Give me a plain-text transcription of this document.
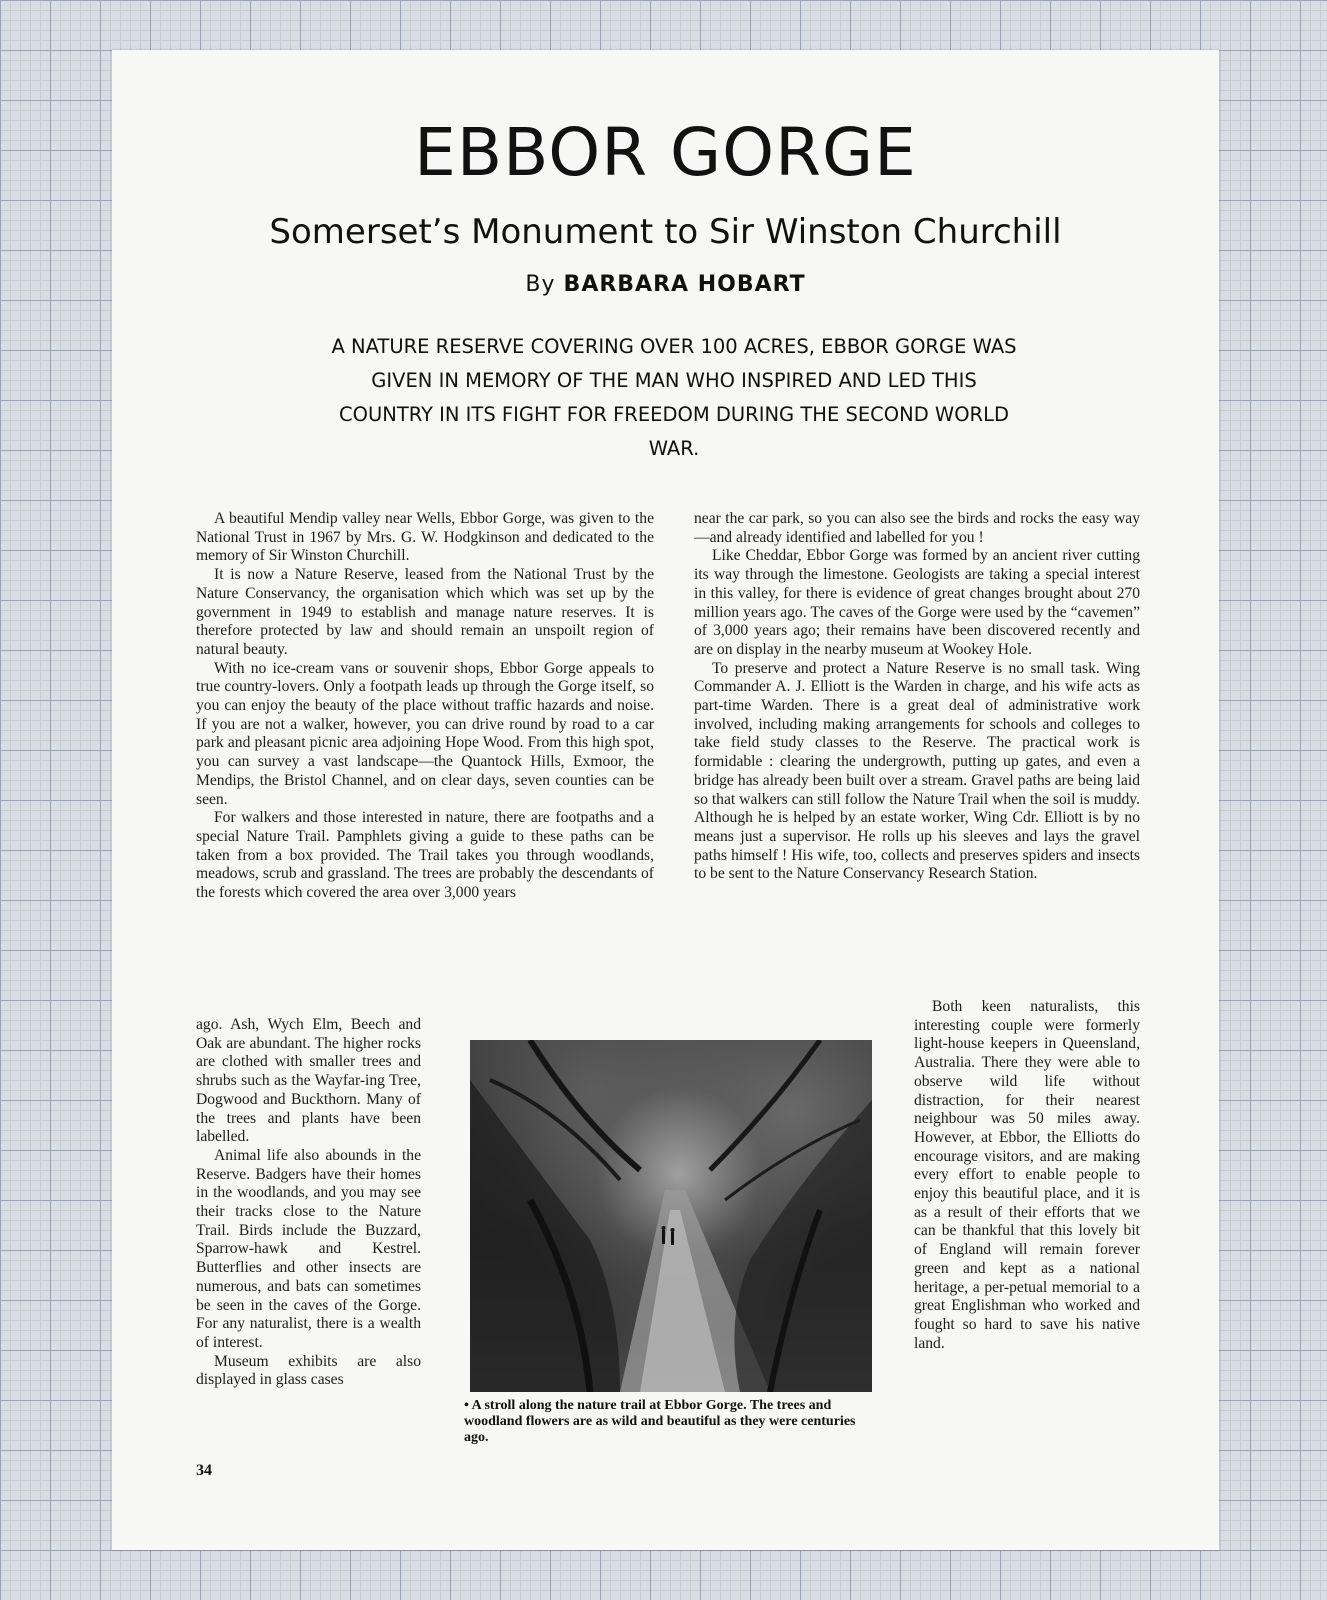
EBBOR GORGE
Somerset’s Monument to Sir Winston Churchill
By BARBARA HOBART

A NATURE RESERVE COVERING OVER 100 ACRES, EBBOR GORGE WAS GIVEN IN MEMORY OF THE MAN WHO INSPIRED AND LED THIS COUNTRY IN ITS FIGHT FOR FREEDOM DURING THE SECOND WORLD WAR.

A beautiful Mendip valley near Wells, Ebbor Gorge, was given to the National Trust in 1967 by Mrs. G. W. Hodgkinson and dedicated to the memory of Sir Winston Churchill.

It is now a Nature Reserve, leased from the National Trust by the Nature Conservancy, the organisation which which was set up by the government in 1949 to establish and manage nature reserves. It is therefore protected by law and should remain an unspoilt region of natural beauty.

With no ice-cream vans or souvenir shops, Ebbor Gorge appeals to true country-lovers. Only a footpath leads up through the Gorge itself, so you can enjoy the beauty of the place without traffic hazards and noise. If you are not a walker, however, you can drive round by road to a car park and pleasant picnic area adjoining Hope Wood. From this high spot, you can survey a vast landscape—the Quantock Hills, Exmoor, the Mendips, the Bristol Channel, and on clear days, seven counties can be seen.

For walkers and those interested in nature, there are footpaths and a special Nature Trail. Pamphlets giving a guide to these paths can be taken from a box provided. The Trail takes you through woodlands, meadows, scrub and grassland. The trees are probably the descendants of the forests which covered the area over 3,000 years

ago. Ash, Wych Elm, Beech and Oak are abundant. The higher rocks are clothed with smaller trees and shrubs such as the Wayfar-ing Tree, Dogwood and Buckthorn. Many of the trees and plants have been labelled.

Animal life also abounds in the Reserve. Badgers have their homes in the woodlands, and you may see their tracks close to the Nature Trail. Birds include the Buzzard, Sparrow-hawk and Kestrel. Butterflies and other insects are numerous, and bats can sometimes be seen in the caves of the Gorge. For any naturalist, there is a wealth of interest.

Museum exhibits are also displayed in glass cases

near the car park, so you can also see the birds and rocks the easy way—and already identified and labelled for you !

Like Cheddar, Ebbor Gorge was formed by an ancient river cutting its way through the limestone. Geologists are taking a special interest in this valley, for there is evidence of great changes brought about 270 million years ago. The caves of the Gorge were used by the “cavemen” of 3,000 years ago; their remains have been discovered recently and are on display in the nearby museum at Wookey Hole.

To preserve and protect a Nature Reserve is no small task. Wing Commander A. J. Elliott is the Warden in charge, and his wife acts as part-time Warden. There is a great deal of administrative work involved, including making arrangements for schools and colleges to take field study classes to the Reserve. The practical work is formidable : clearing the undergrowth, putting up gates, and even a bridge has already been built over a stream. Gravel paths are being laid so that walkers can still follow the Nature Trail when the soil is muddy. Although he is helped by an estate worker, Wing Cdr. Elliott is by no means just a supervisor. He rolls up his sleeves and lays the gravel paths himself ! His wife, too, collects and preserves spiders and insects to be sent to the Nature Conservancy Research Station.

Both keen naturalists, this interesting couple were formerly light-house keepers in Queensland, Australia. There they were able to observe wild life without distraction, for their nearest neighbour was 50 miles away. However, at Ebbor, the Elliotts do encourage visitors, and are making every effort to enable people to enjoy this beautiful place, and it is as a result of their efforts that we can be thankful that this lovely bit of England will remain forever green and kept as a national heritage, a per-petual memorial to a great Englishman who worked and fought so hard to save his native land.

• A stroll along the nature trail at Ebbor Gorge. The trees and woodland flowers are as wild and beautiful as they were centuries ago.

34
